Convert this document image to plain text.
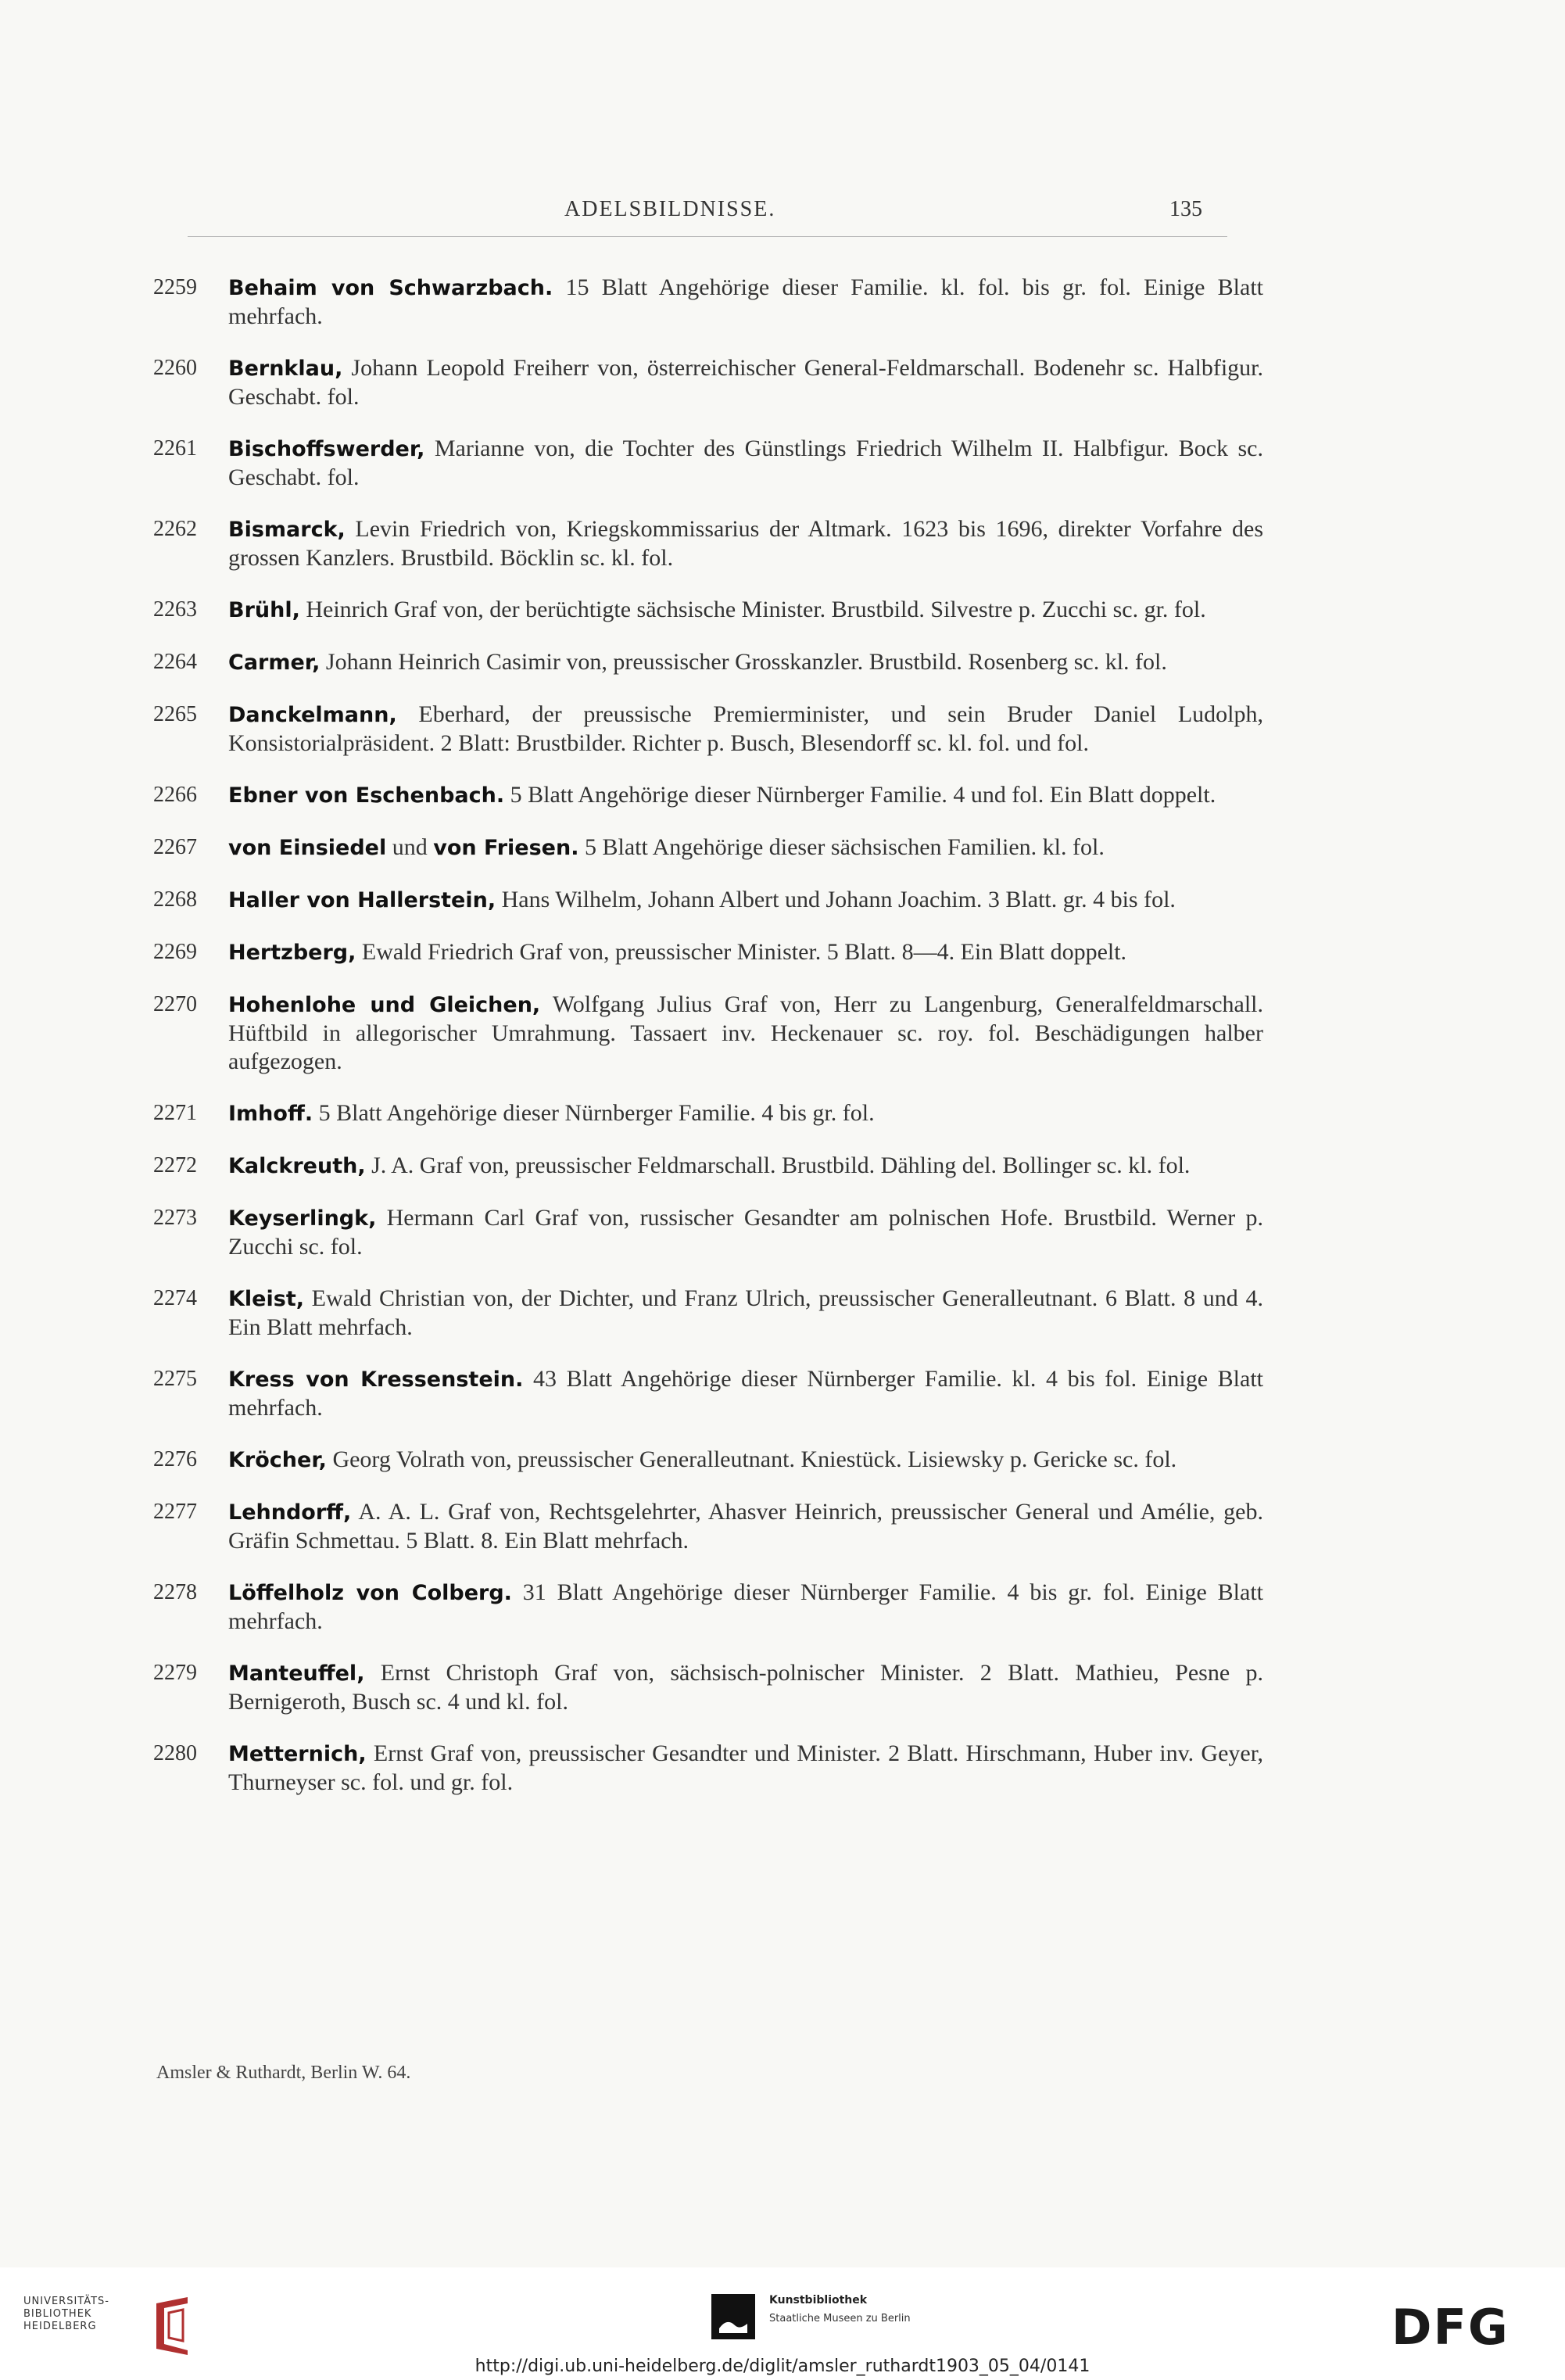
ADELSBILDNISSE.	135
2259	Behaim von Schwarzbach. 15 Blatt Angehörige dieser Familie. kl. fol. bis gr. fol. Einige Blatt mehrfach.
2260	Bernklau, Johann Leopold Freiherr von, österreichischer General-Feldmarschall. Bodenehr sc. Halbfigur. Geschabt. fol.
2261	Bischoffswerder, Marianne von, die Tochter des Günstlings Friedrich Wilhelm II. Halbfigur. Bock sc. Geschabt. fol.
2262	Bismarck, Levin Friedrich von, Kriegskommissarius der Altmark. 1623 bis 1696, direkter Vorfahre des grossen Kanzlers. Brustbild. Böcklin sc. kl. fol.
2263	Brühl, Heinrich Graf von, der berüchtigte sächsische Minister. Brustbild. Silvestre p. Zucchi sc. gr. fol.
2264	Carmer, Johann Heinrich Casimir von, preussischer Grosskanzler. Brustbild. Rosenberg sc. kl. fol.
2265	Danckelmann, Eberhard, der preussische Premierminister, und sein Bruder Daniel Ludolph, Konsistorialpräsident. 2 Blatt: Brustbilder. Richter p. Busch, Blesendorff sc. kl. fol. und fol.
2266	Ebner von Eschenbach. 5 Blatt Angehörige dieser Nürnberger Familie. 4 und fol. Ein Blatt doppelt.
2267	von Einsiedel und von Friesen. 5 Blatt Angehörige dieser sächsischen Familien. kl. fol.
2268	Haller von Hallerstein, Hans Wilhelm, Johann Albert und Johann Joachim. 3 Blatt. gr. 4 bis fol.
2269	Hertzberg, Ewald Friedrich Graf von, preussischer Minister. 5 Blatt. 8—4. Ein Blatt doppelt.
2270	Hohenlohe und Gleichen, Wolfgang Julius Graf von, Herr zu Langenburg, Generalfeldmarschall. Hüftbild in allegorischer Umrahmung. Tassaert inv. Heckenauer sc. roy. fol. Beschädigungen halber aufgezogen.
2271	Imhoff. 5 Blatt Angehörige dieser Nürnberger Familie. 4 bis gr. fol.
2272	Kalckreuth, J. A. Graf von, preussischer Feldmarschall. Brustbild. Dähling del. Bollinger sc. kl. fol.
2273	Keyserlingk, Hermann Carl Graf von, russischer Gesandter am polnischen Hofe. Brustbild. Werner p. Zucchi sc. fol.
2274	Kleist, Ewald Christian von, der Dichter, und Franz Ulrich, preussischer Generalleutnant. 6 Blatt. 8 und 4. Ein Blatt mehrfach.
2275	Kress von Kressenstein. 43 Blatt Angehörige dieser Nürnberger Familie. kl. 4 bis fol. Einige Blatt mehrfach.
2276	Kröcher, Georg Volrath von, preussischer Generalleutnant. Kniestück. Lisiewsky p. Gericke sc. fol.
2277	Lehndorff, A. A. L. Graf von, Rechtsgelehrter, Ahasver Heinrich, preussischer General und Amélie, geb. Gräfin Schmettau. 5 Blatt. 8. Ein Blatt mehrfach.
2278	Löffelholz von Colberg. 31 Blatt Angehörige dieser Nürnberger Familie. 4 bis gr. fol. Einige Blatt mehrfach.
2279	Manteuffel, Ernst Christoph Graf von, sächsisch-polnischer Minister. 2 Blatt. Mathieu, Pesne p. Bernigeroth, Busch sc. 4 und kl. fol.
2280	Metternich, Ernst Graf von, preussischer Gesandter und Minister. 2 Blatt. Hirschmann, Huber inv. Geyer, Thurneyser sc. fol. und gr. fol.
Amsler & Ruthardt, Berlin W. 64.
UNIVERSITÄTS-
BIBLIOTHEK
HEIDELBERG
Kunstbibliothek
Staatliche Museen zu Berlin	DFG
http://digi.ub.uni-heidelberg.de/diglit/amsler_ruthardt1903_05_04/0141
